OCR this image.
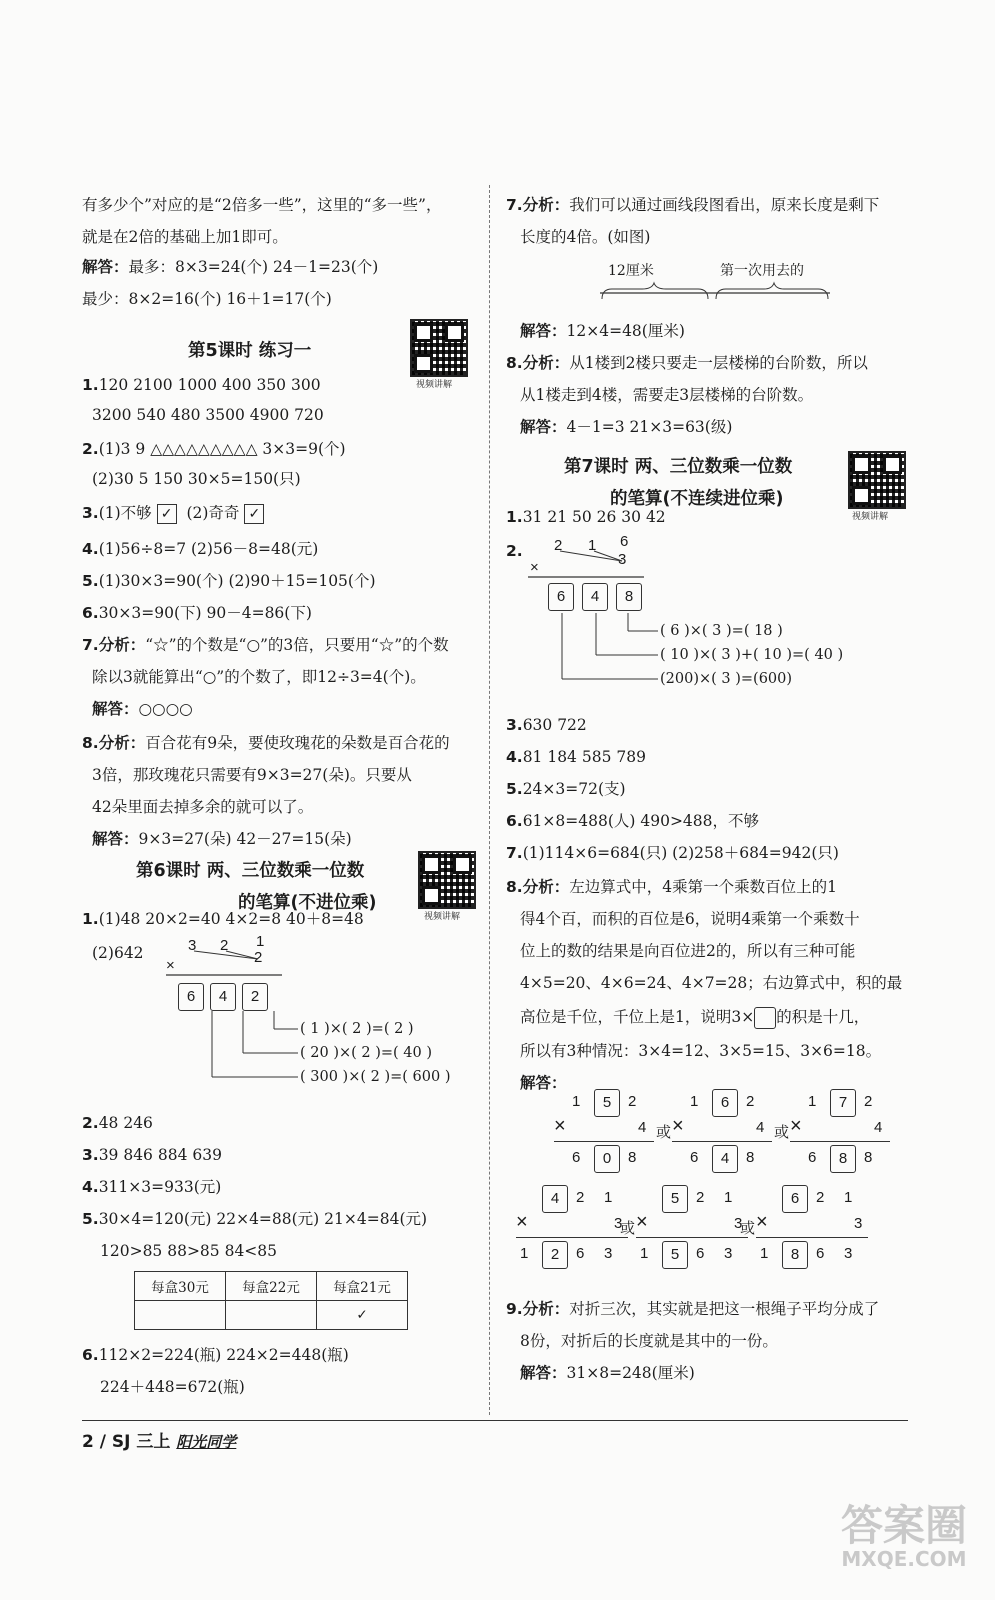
有多少个”对应的是“2倍多一些”，这里的“多一些”，
就是在2倍的基础上加1即可。
解答：最多：8×3=24(个) 24－1=23(个)
最少：8×2=16(个) 16＋1=17(个)
第5课时 练习一
视频讲解
1.120 2100 1000 400 350 300
3200 540 480 3500 4900 720
2.(1)3 9 △△△△△△△△△ 3×3=9(个)
(2)30 5 150 30×5=150(只)
3.(1)不够 ✓ (2)奇奇 ✓
4.(1)56÷8=7 (2)56－8=48(元)
5.(1)30×3=90(个) (2)90＋15=105(个)
6.30×3=90(下) 90－4=86(下)
7.分析：“☆”的个数是“○”的3倍，只要用“☆”的个数
除以3就能算出“○”的个数了，即12÷3=4(个)。
解答：○○○○
8.分析：百合花有9朵，要使玫瑰花的朵数是百合花的
3倍，那玫瑰花只需要有9×3=27(朵)。只要从
42朵里面去掉多余的就可以了。
解答：9×3=27(朵) 42－27=15(朵)
第6课时 两、三位数乘一位数
的笔算(不进位乘)
视频讲解
1.(1)48 20×2=40 4×2=8 40＋8=48
(2)642	3 2 1
2
×
6	4	2
( 1 )×( 2 )=( 2 )
( 20 )×( 2 )=( 40 )
( 300 )×( 2 )=( 600 )
2.48 246
3.39 846 884 639
4.311×3=933(元)
5.30×4=120(元) 22×4=88(元) 21×4=84(元)
120>85 88>85 84<85
每盒30元	每盒22元	每盒21元
		✓
6.112×2=224(瓶) 224×2=448(瓶)
224＋448=672(瓶)
7.分析：我们可以通过画线段图看出，原来长度是剩下
长度的4倍。(如图)
12厘米	第一次用去的
解答：12×4=48(厘米)
8.分析：从1楼到2楼只要走一层楼梯的台阶数，所以
从1楼走到4楼，需要走3层楼梯的台阶数。
解答：4－1=3 21×3=63(级)
第7课时 两、三位数乘一位数
的笔算(不连续进位乘)
视频讲解
1.31 21 50 26 30 42
2. 2 1 6
3
×
6	4	8
( 6 )×( 3 )=( 18 )
( 10 )×( 3 )+( 10 )=( 40 )
(200)×( 3 )=(600)
3.630 722
4.81 184 585 789
5.24×3=72(支)
6.61×8=488(人) 490>488，不够
7.(1)114×6=684(只) (2)258＋684=942(只)
8.分析：左边算式中，4乘第一个乘数百位上的1
得4个百，而积的百位是6，说明4乘第一个乘数十
位上的数的结果是向百位进2的，所以有三种可能
4×5=20、4×6=24、4×7=28；右边算式中，积的最
高位是千位，千位上是1，说明3× 的积是十几，
所以有3种情况：3×4=12、3×5=15、3×6=18。
解答：
1	5	2
×	4
6	0	8
或
1	6	2
×	4
6	4	8
或
1	7	2
×	4
6	8	8
4	2 1
×	3
1	2	6 3
或
5	2 1
×	3
1	5	6 3
或
6	2 1
×	3
1	8	6 3
9.分析：对折三次，其实就是把这一根绳子平均分成了
8份，对折后的长度就是其中的一份。
解答：31×8=248(厘米)
2 / SJ 三上 阳光同学
答案圈
MXQE.COM
